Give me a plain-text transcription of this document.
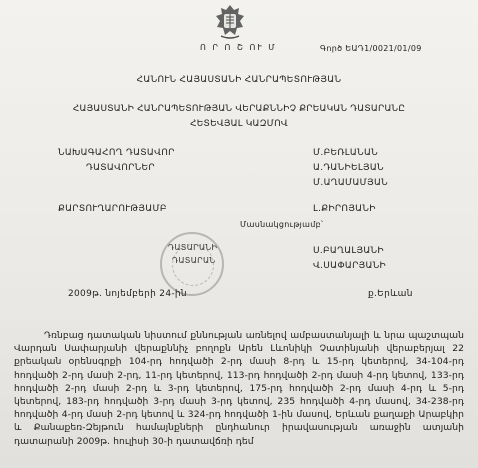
Ո Ր Ո Շ ՈՒ Մ	Գործ ԵԱԴ1/0021/01/09
ՀԱՆՈՒՆ ՀԱՅԱՍՏԱՆԻ ՀԱՆՐԱՊԵՏՈՒԹՅԱՆ
ՀԱՅԱՍՏԱՆԻ ՀԱՆՐԱՊԵՏՈՒԹՅԱՆ ՎԵՐԱՔՆՆԻՉ ՔՐԵԱԿԱՆ ԴԱՏԱՐԱՆԸ
ՀԵՏԵՎՅԱԼ ԿԱԶՄՈՎ
ՆԱԽԱԳԱՀՈՂ ԴԱՏԱՎՈՐ	Մ.ԲԵՌԼԱՆԱՆ
ԴԱՏԱՎՈՐՆԵՐ	Ա.ԴԱՆԻԵԼՅԱՆ
Մ.ԱՂԱՄԱՄՅԱՆ
ՔԱՐՏՈՒՂԱՐՈՒԹՅԱՄԲ	Լ.ՔԻՐՈՅԱՆԻ
Մասնակցությամբ՝
Ս.ԲԱՂԱԼՅԱՆԻ
Վ.ՍԱՓԱՐՅԱՆԻ
ԴԱՏԱՐԱՆԻ
ԴԱՏԱՐԱՆ
2009թ. նոյեմբերի 24-ին	ք.Երևան
Դռնբաց դատական նիստում քննության առնելով ամբաստանյալի և նրա պաշտպան Վարդան Սափարյանի վերաքննիչ բողոքն Արեն Լևոնիկի Չատինյանի վերաբերյալ 22 քրեական օրենսգրքի 104-րդ հոդվածի 2-րդ մասի 8-րդ և 15-րդ կետերով, 34-104-րդ հոդվածի 2-րդ մասի 2-րդ, 11-րդ կետերով, 113-րդ հոդվածի 2-րդ մասի 4-րդ կետով, 133-րդ հոդվածի 2-րդ մասի 2-րդ և 3-րդ կետերով, 175-րդ հոդվածի 2-րդ մասի 4-րդ և 5-րդ կետերով, 183-րդ հոդվածի 3-րդ մասի 3-րդ կետով, 235 հոդվածի 4-րդ մասով, 34-238-րդ հոդվածի 4-րդ մասի 2-րդ կետով և 324-րդ հոդվածի 1-ին մասով, Երևան քաղաքի Արաբկիր և Քանաքեռ-Զեյթուն համայնքների ընդհանուր իրավասության առաջին ատյանի դատարանի 2009թ. հուլիսի 30-ի դատավճռի դեմ
